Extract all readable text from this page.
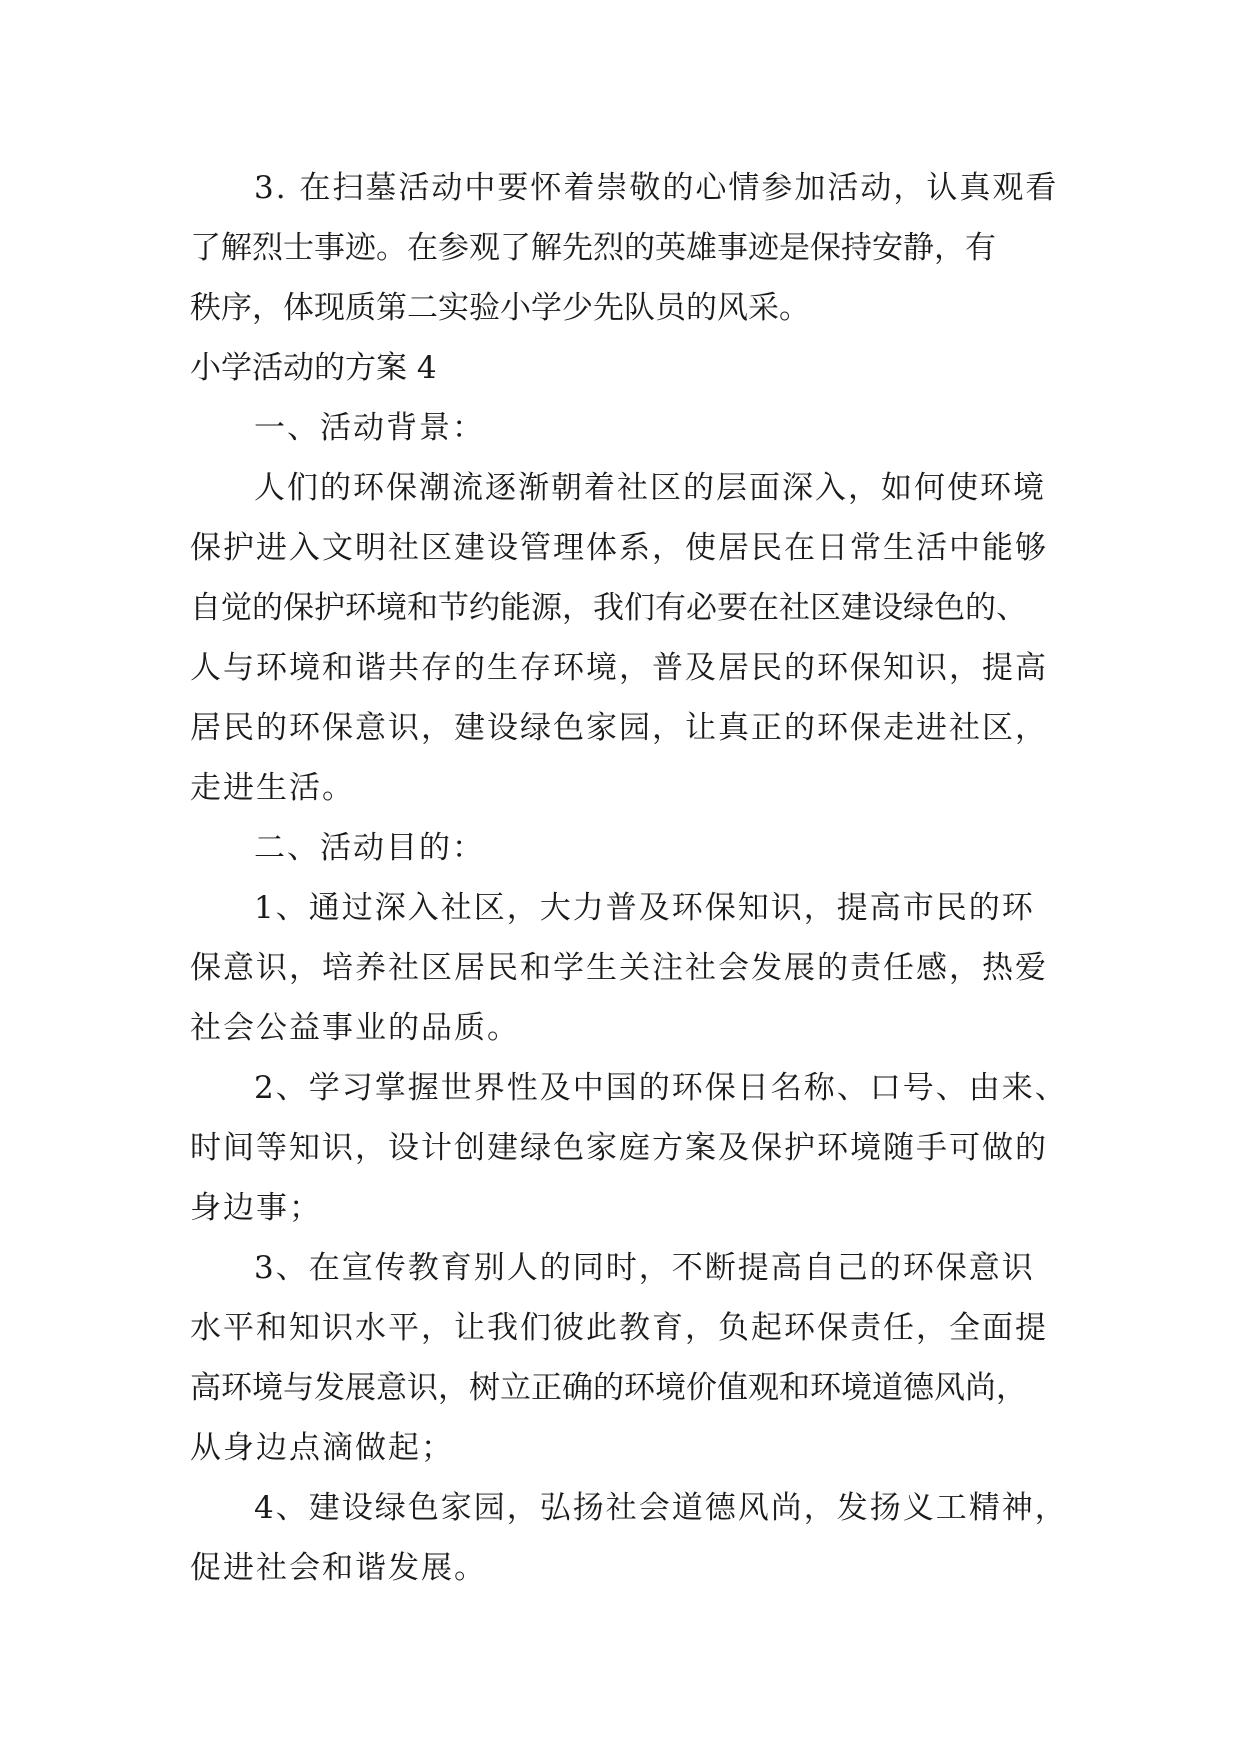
3. 在扫墓活动中要怀着崇敬的心情参加活动，认真观看
了解烈士事迹。在参观了解先烈的英雄事迹是保持安静，有
秩序，体现质第二实验小学少先队员的风采。
小学活动的方案 4
一、活动背景：
人们的环保潮流逐渐朝着社区的层面深入，如何使环境
保护进入文明社区建设管理体系，使居民在日常生活中能够
自觉的保护环境和节约能源，我们有必要在社区建设绿色的、
人与环境和谐共存的生存环境，普及居民的环保知识，提高
居民的环保意识，建设绿色家园，让真正的环保走进社区，
走进生活。
二、活动目的：
1、通过深入社区，大力普及环保知识，提高市民的环
保意识，培养社区居民和学生关注社会发展的责任感，热爱
社会公益事业的品质。
2、学习掌握世界性及中国的环保日名称、口号、由来、
时间等知识，设计创建绿色家庭方案及保护环境随手可做的
身边事；
3、在宣传教育别人的同时，不断提高自己的环保意识
水平和知识水平，让我们彼此教育，负起环保责任，全面提
高环境与发展意识，树立正确的环境价值观和环境道德风尚，
从身边点滴做起；
4、建设绿色家园，弘扬社会道德风尚，发扬义工精神，
促进社会和谐发展。
